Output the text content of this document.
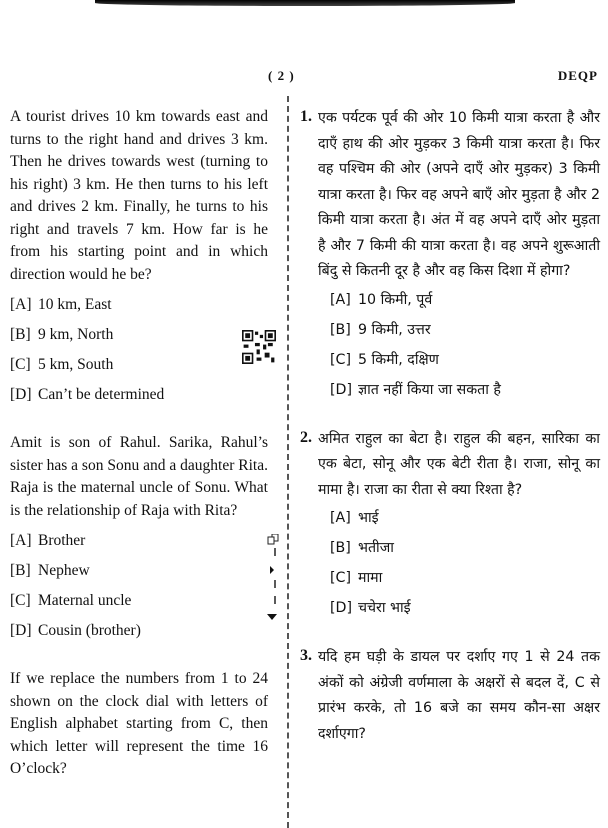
( 2 )	DEQP

A tourist drives 10 km towards east and turns to the right hand and drives 3 km. Then he drives towards west (turning to his right) 3 km. He then turns to his left and drives 2 km. Finally, he turns to his right and travels 7 km. How far is he from his starting point and in which direction would he be?

[A] 10 km, East
[B] 9 km, North
[C] 5 km, South
[D] Can’t be determined

Amit is son of Rahul. Sarika, Rahul’s sister has a son Sonu and a daughter Rita. Raja is the maternal uncle of Sonu. What is the relationship of Raja with Rita?

[A] Brother
[B] Nephew
[C] Maternal uncle
[D] Cousin (brother)

If we replace the numbers from 1 to 24 shown on the clock dial with letters of English alphabet starting from C, then which letter will represent the time 16 O’clock?

1. एक पर्यटक पूर्व की ओर 10 किमी यात्रा करता है और दाएँ हाथ की ओर मुड़कर 3 किमी यात्रा करता है। फिर वह पश्चिम की ओर (अपने दाएँ ओर मुड़कर) 3 किमी यात्रा करता है। फिर वह अपने बाएँ ओर मुड़ता है और 2 किमी यात्रा करता है। अंत में वह अपने दाएँ ओर मुड़ता है और 7 किमी की यात्रा करता है। वह अपने शुरूआती बिंदु से कितनी दूर है और वह किस दिशा में होगा?

[A] 10 किमी, पूर्व
[B] 9 किमी, उत्तर
[C] 5 किमी, दक्षिण
[D] ज्ञात नहीं किया जा सकता है
2. अमित राहुल का बेटा है। राहुल की बहन, सारिका का एक बेटा, सोनू और एक बेटी रीता है। राजा, सोनू का मामा है। राजा का रीता से क्या रिश्ता है?

[A] भाई
[B] भतीजा
[C] मामा
[D] चचेरा भाई
3. यदि हम घड़ी के डायल पर दर्शाए गए 1 से 24 तक अंकों को अंग्रेजी वर्णमाला के अक्षरों से बदल दें, C से प्रारंभ करके, तो 16 बजे का समय कौन-सा अक्षर दर्शाएगा?
